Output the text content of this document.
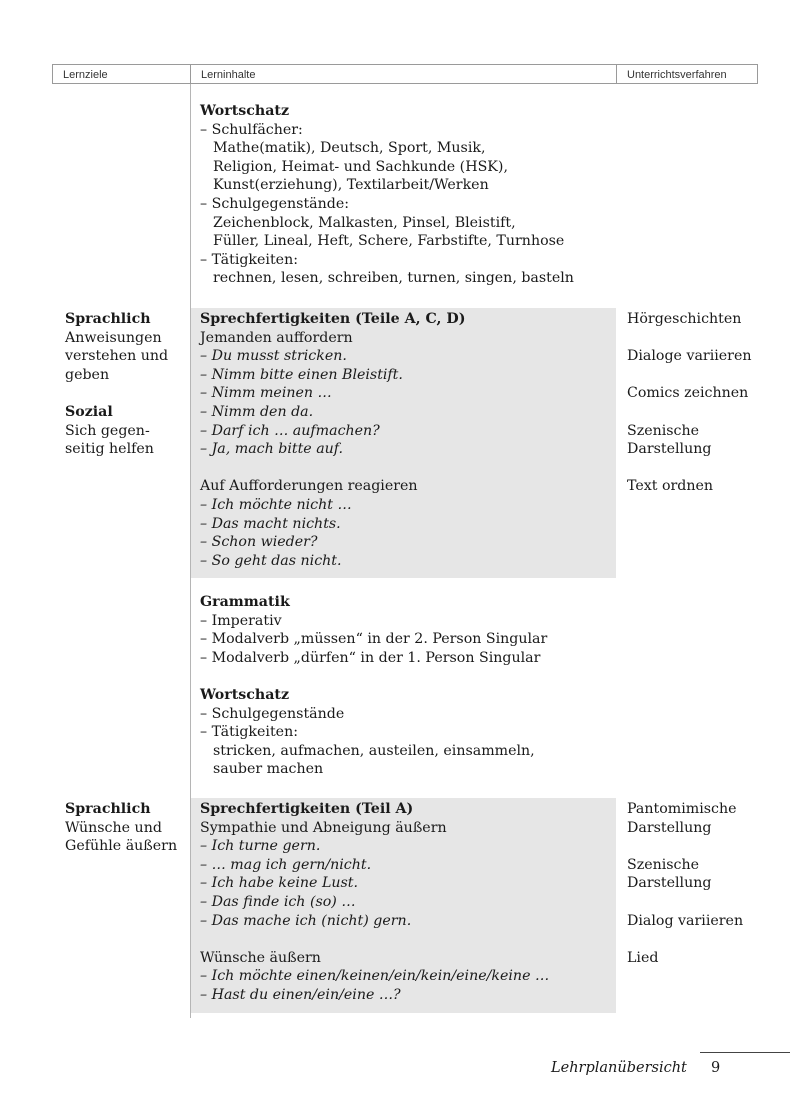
Lernziele	Lerninhalte	Unterrichtsverfahren
Wortschatz
– Schulfächer:
Mathe(matik), Deutsch, Sport, Musik,
Religion, Heimat- und Sachkunde (HSK),
Kunst(erziehung), Textilarbeit/Werken
– Schulgegenstände:
Zeichenblock, Malkasten, Pinsel, Bleistift,
Füller, Lineal, Heft, Schere, Farbstifte, Turnhose
– Tätigkeiten:
rechnen, lesen, schreiben, turnen, singen, basteln
Sprachlich
Anweisungen
verstehen und
geben
Sozial
Sich gegen-
seitig helfen
Sprechfertigkeiten (Teile A, C, D)
Jemanden auffordern
– Du musst stricken.
– Nimm bitte einen Bleistift.
– Nimm meinen …
– Nimm den da.
– Darf ich … aufmachen?
– Ja, mach bitte auf.
Auf Aufforderungen reagieren
– Ich möchte nicht …
– Das macht nichts.
– Schon wieder?
– So geht das nicht.
Hörgeschichten
Dialoge variieren
Comics zeichnen
Szenische
Darstellung
Text ordnen
Grammatik
– Imperativ
– Modalverb „müssen“ in der 2. Person Singular
– Modalverb „dürfen“ in der 1. Person Singular
Wortschatz
– Schulgegenstände
– Tätigkeiten:
stricken, aufmachen, austeilen, einsammeln,
sauber machen
Sprachlich
Wünsche und
Gefühle äußern
Sprechfertigkeiten (Teil A)
Sympathie und Abneigung äußern
– Ich turne gern.
– … mag ich gern/nicht.
– Ich habe keine Lust.
– Das finde ich (so) …
– Das mache ich (nicht) gern.
Wünsche äußern
– Ich möchte einen/keinen/ein/kein/eine/keine …
– Hast du einen/ein/eine …?
Pantomimische
Darstellung
Szenische
Darstellung
Dialog variieren
Lied
Lehrplanübersicht 9
